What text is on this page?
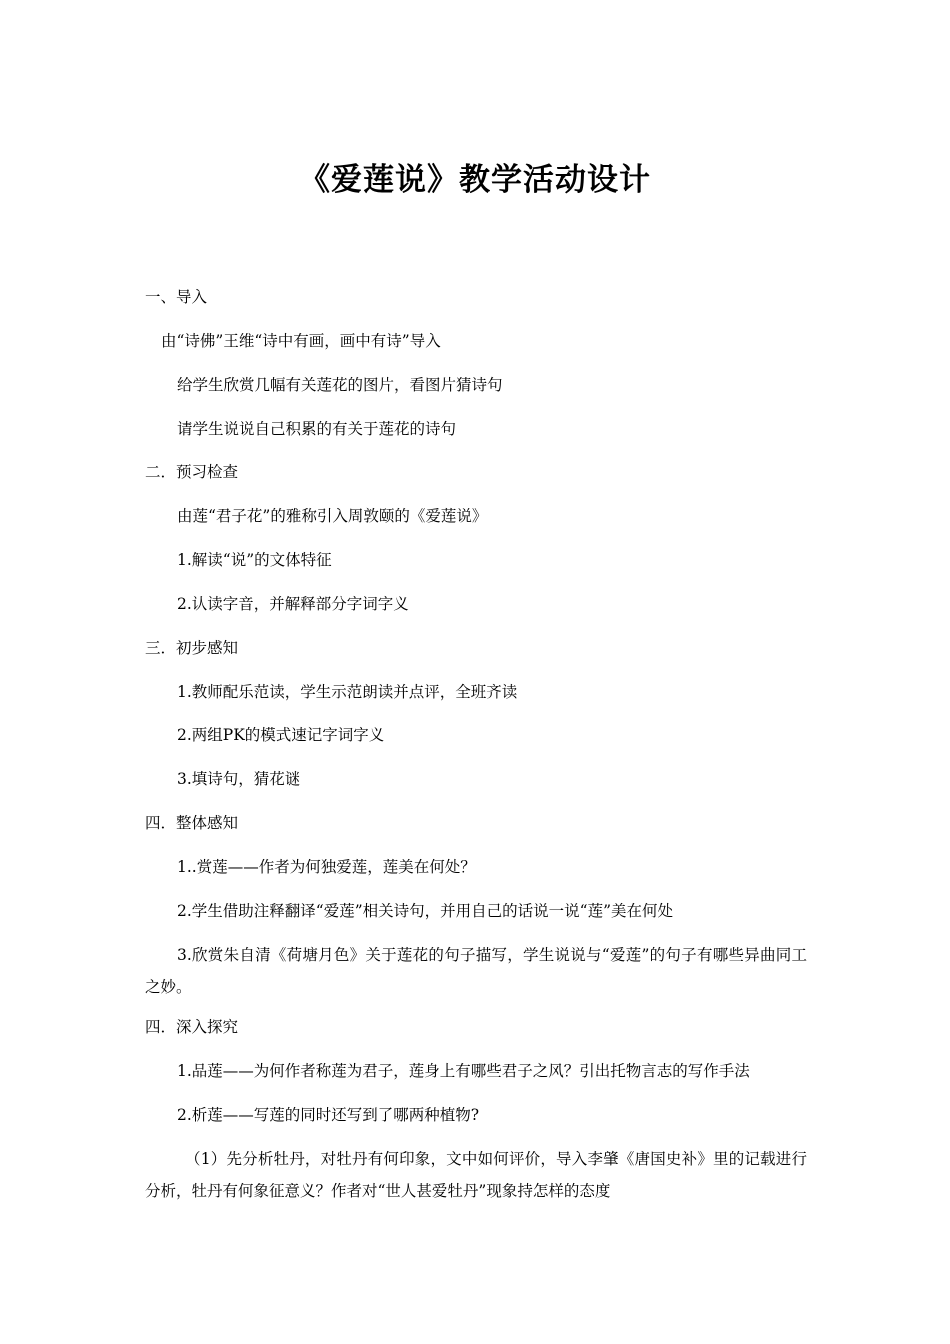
《爱莲说》教学活动设计
一、导入
由“诗佛”王维“诗中有画，画中有诗”导入
给学生欣赏几幅有关莲花的图片，看图片猜诗句
请学生说说自己积累的有关于莲花的诗句
二．预习检查
由莲“君子花”的雅称引入周敦颐的《爱莲说》
1.解读“说”的文体特征
2.认读字音，并解释部分字词字义
三．初步感知
1.教师配乐范读，学生示范朗读并点评，全班齐读
2.两组PK的模式速记字词字义
3.填诗句，猜花谜
四．整体感知
1..赏莲——作者为何独爱莲，莲美在何处？
2.学生借助注释翻译“爱莲”相关诗句，并用自己的话说一说“莲”美在何处
3.欣赏朱自清《荷塘月色》关于莲花的句子描写，学生说说与“爱莲”的句子有哪些异曲同工之妙。
四．深入探究
1.品莲——为何作者称莲为君子，莲身上有哪些君子之风？引出托物言志的写作手法
2.析莲——写莲的同时还写到了哪两种植物?
（1）先分析牡丹，对牡丹有何印象，文中如何评价，导入李肇《唐国史补》里的记载进行分析，牡丹有何象征意义？作者对“世人甚爱牡丹”现象持怎样的态度
